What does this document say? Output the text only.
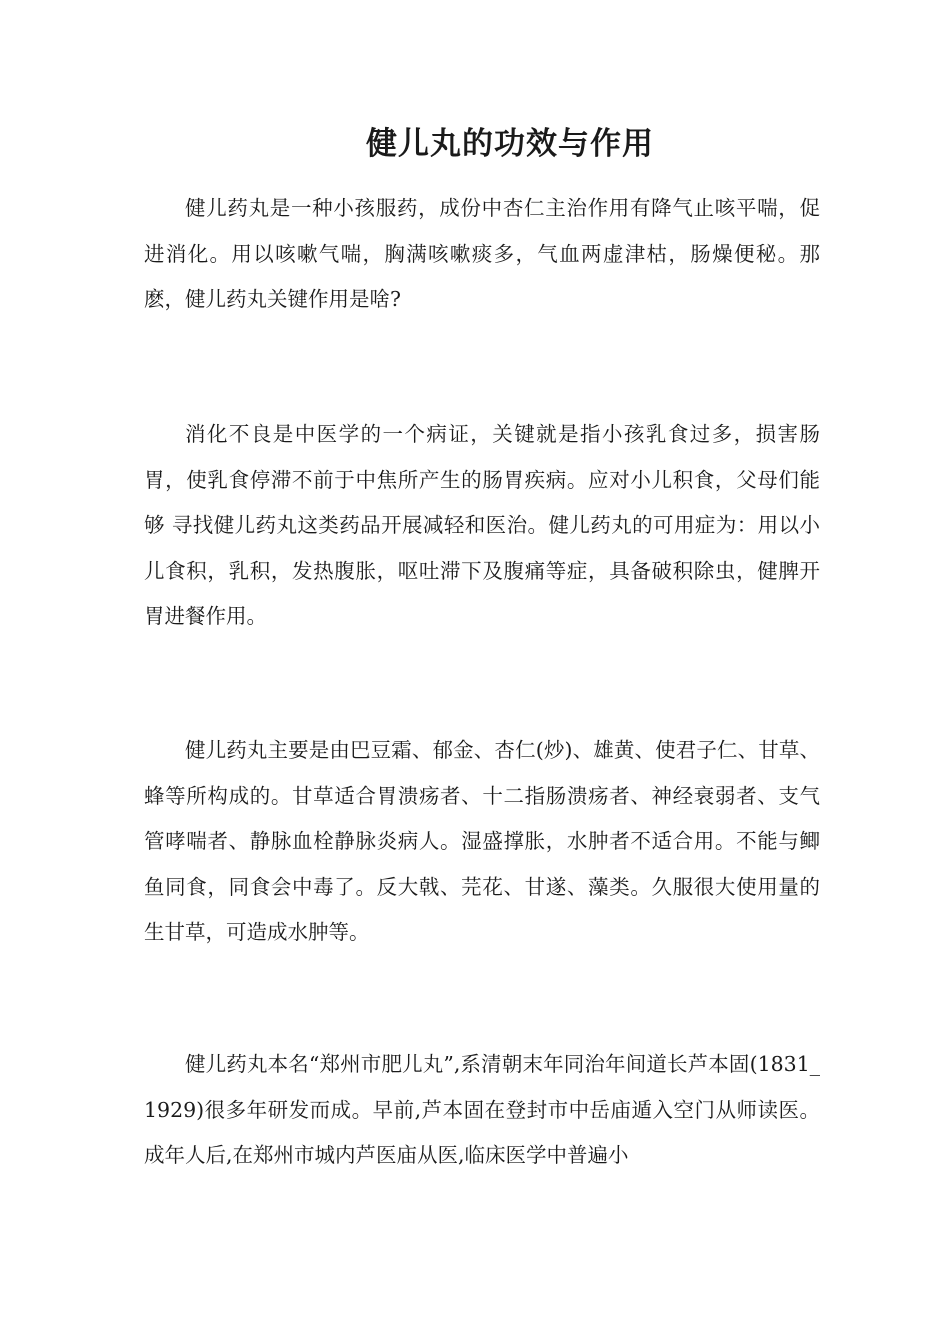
健儿丸的功效与作用

健儿药丸是一种小孩服药，成份中杏仁主治作用有降气止咳平喘，促进消化。用以咳嗽气喘，胸满咳嗽痰多，气血两虚津枯，肠燥便秘。那麽，健儿药丸关键作用是啥?

消化不良是中医学的一个病证，关键就是指小孩乳食过多，损害肠胃，使乳食停滞不前于中焦所产生的肠胃疾病。应对小儿积食，父母们能够 寻找健儿药丸这类药品开展减轻和医治。健儿药丸的可用症为：用以小儿食积，乳积，发热腹胀，呕吐滞下及腹痛等症，具备破积除虫，健脾开胃进餐作用。

健儿药丸主要是由巴豆霜、郁金、杏仁(炒)、雄黄、使君子仁、甘草、蜂等所构成的。甘草适合胃溃疡者、十二指肠溃疡者、神经衰弱者、支气管哮喘者、静脉血栓静脉炎病人。湿盛撑胀，水肿者不适合用。不能与鲫鱼同食，同食会中毒了。反大戟、芫花、甘遂、藻类。久服很大使用量的生甘草，可造成水肿等。

健儿药丸本名“郑州市肥儿丸”,系清朝末年同治年间道长芦本固(1831_1929)很多年研发而成。早前,芦本固在登封市中岳庙遁入空门从师读医。成年人后,在郑州市城内芦医庙从医,临床医学中普遍小
